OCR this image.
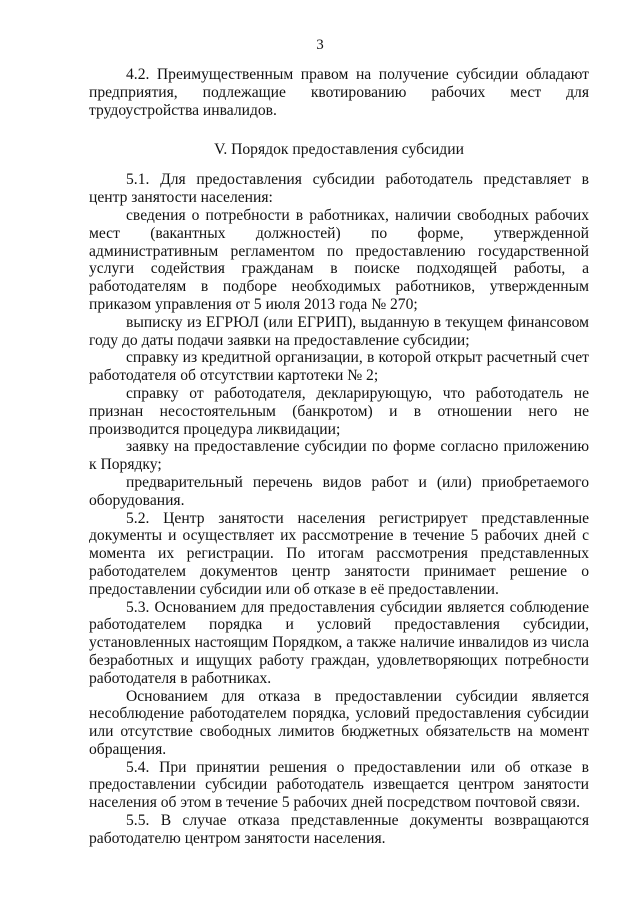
3

4.2. Преимущественным правом на получение субсидии обладают предприятия, подлежащие квотированию рабочих мест для трудоустройства инвалидов.

V. Порядок предоставления субсидии

5.1. Для предоставления субсидии работодатель представляет в центр занятости населения:

сведения о потребности в работниках, наличии свободных рабочих мест (вакантных должностей) по форме, утвержденной административным регламентом по предоставлению государственной услуги содействия гражданам в поиске подходящей работы, а работодателям в подборе необходимых работников, утвержденным приказом управления от 5 июля 2013 года № 270;

выписку из ЕГРЮЛ (или ЕГРИП), выданную в текущем финансовом году до даты подачи заявки на предоставление субсидии;

справку из кредитной организации, в которой открыт расчетный счет работодателя об отсутствии картотеки № 2;

справку от работодателя, декларирующую, что работодатель не признан несостоятельным (банкротом) и в отношении него не производится процедура ликвидации;

заявку на предоставление субсидии по форме согласно приложению к Порядку;

предварительный перечень видов работ и (или) приобретаемого оборудования.

5.2. Центр занятости населения регистрирует представленные документы и осуществляет их рассмотрение в течение 5 рабочих дней с момента их регистрации. По итогам рассмотрения представленных работодателем документов центр занятости принимает решение о предоставлении субсидии или об отказе в её предоставлении.

5.3. Основанием для предоставления субсидии является соблюдение работодателем порядка и условий предоставления субсидии, установленных настоящим Порядком, а также наличие инвалидов из числа безработных и ищущих работу граждан, удовлетворяющих потребности работодателя в работниках.

Основанием для отказа в предоставлении субсидии является несоблюдение работодателем порядка, условий предоставления субсидии или отсутствие свободных лимитов бюджетных обязательств на момент обращения.

5.4. При принятии решения о предоставлении или об отказе в предоставлении субсидии работодатель извещается центром занятости населения об этом в течение 5 рабочих дней посредством почтовой связи.

5.5. В случае отказа представленные документы возвращаются работодателю центром занятости населения.
